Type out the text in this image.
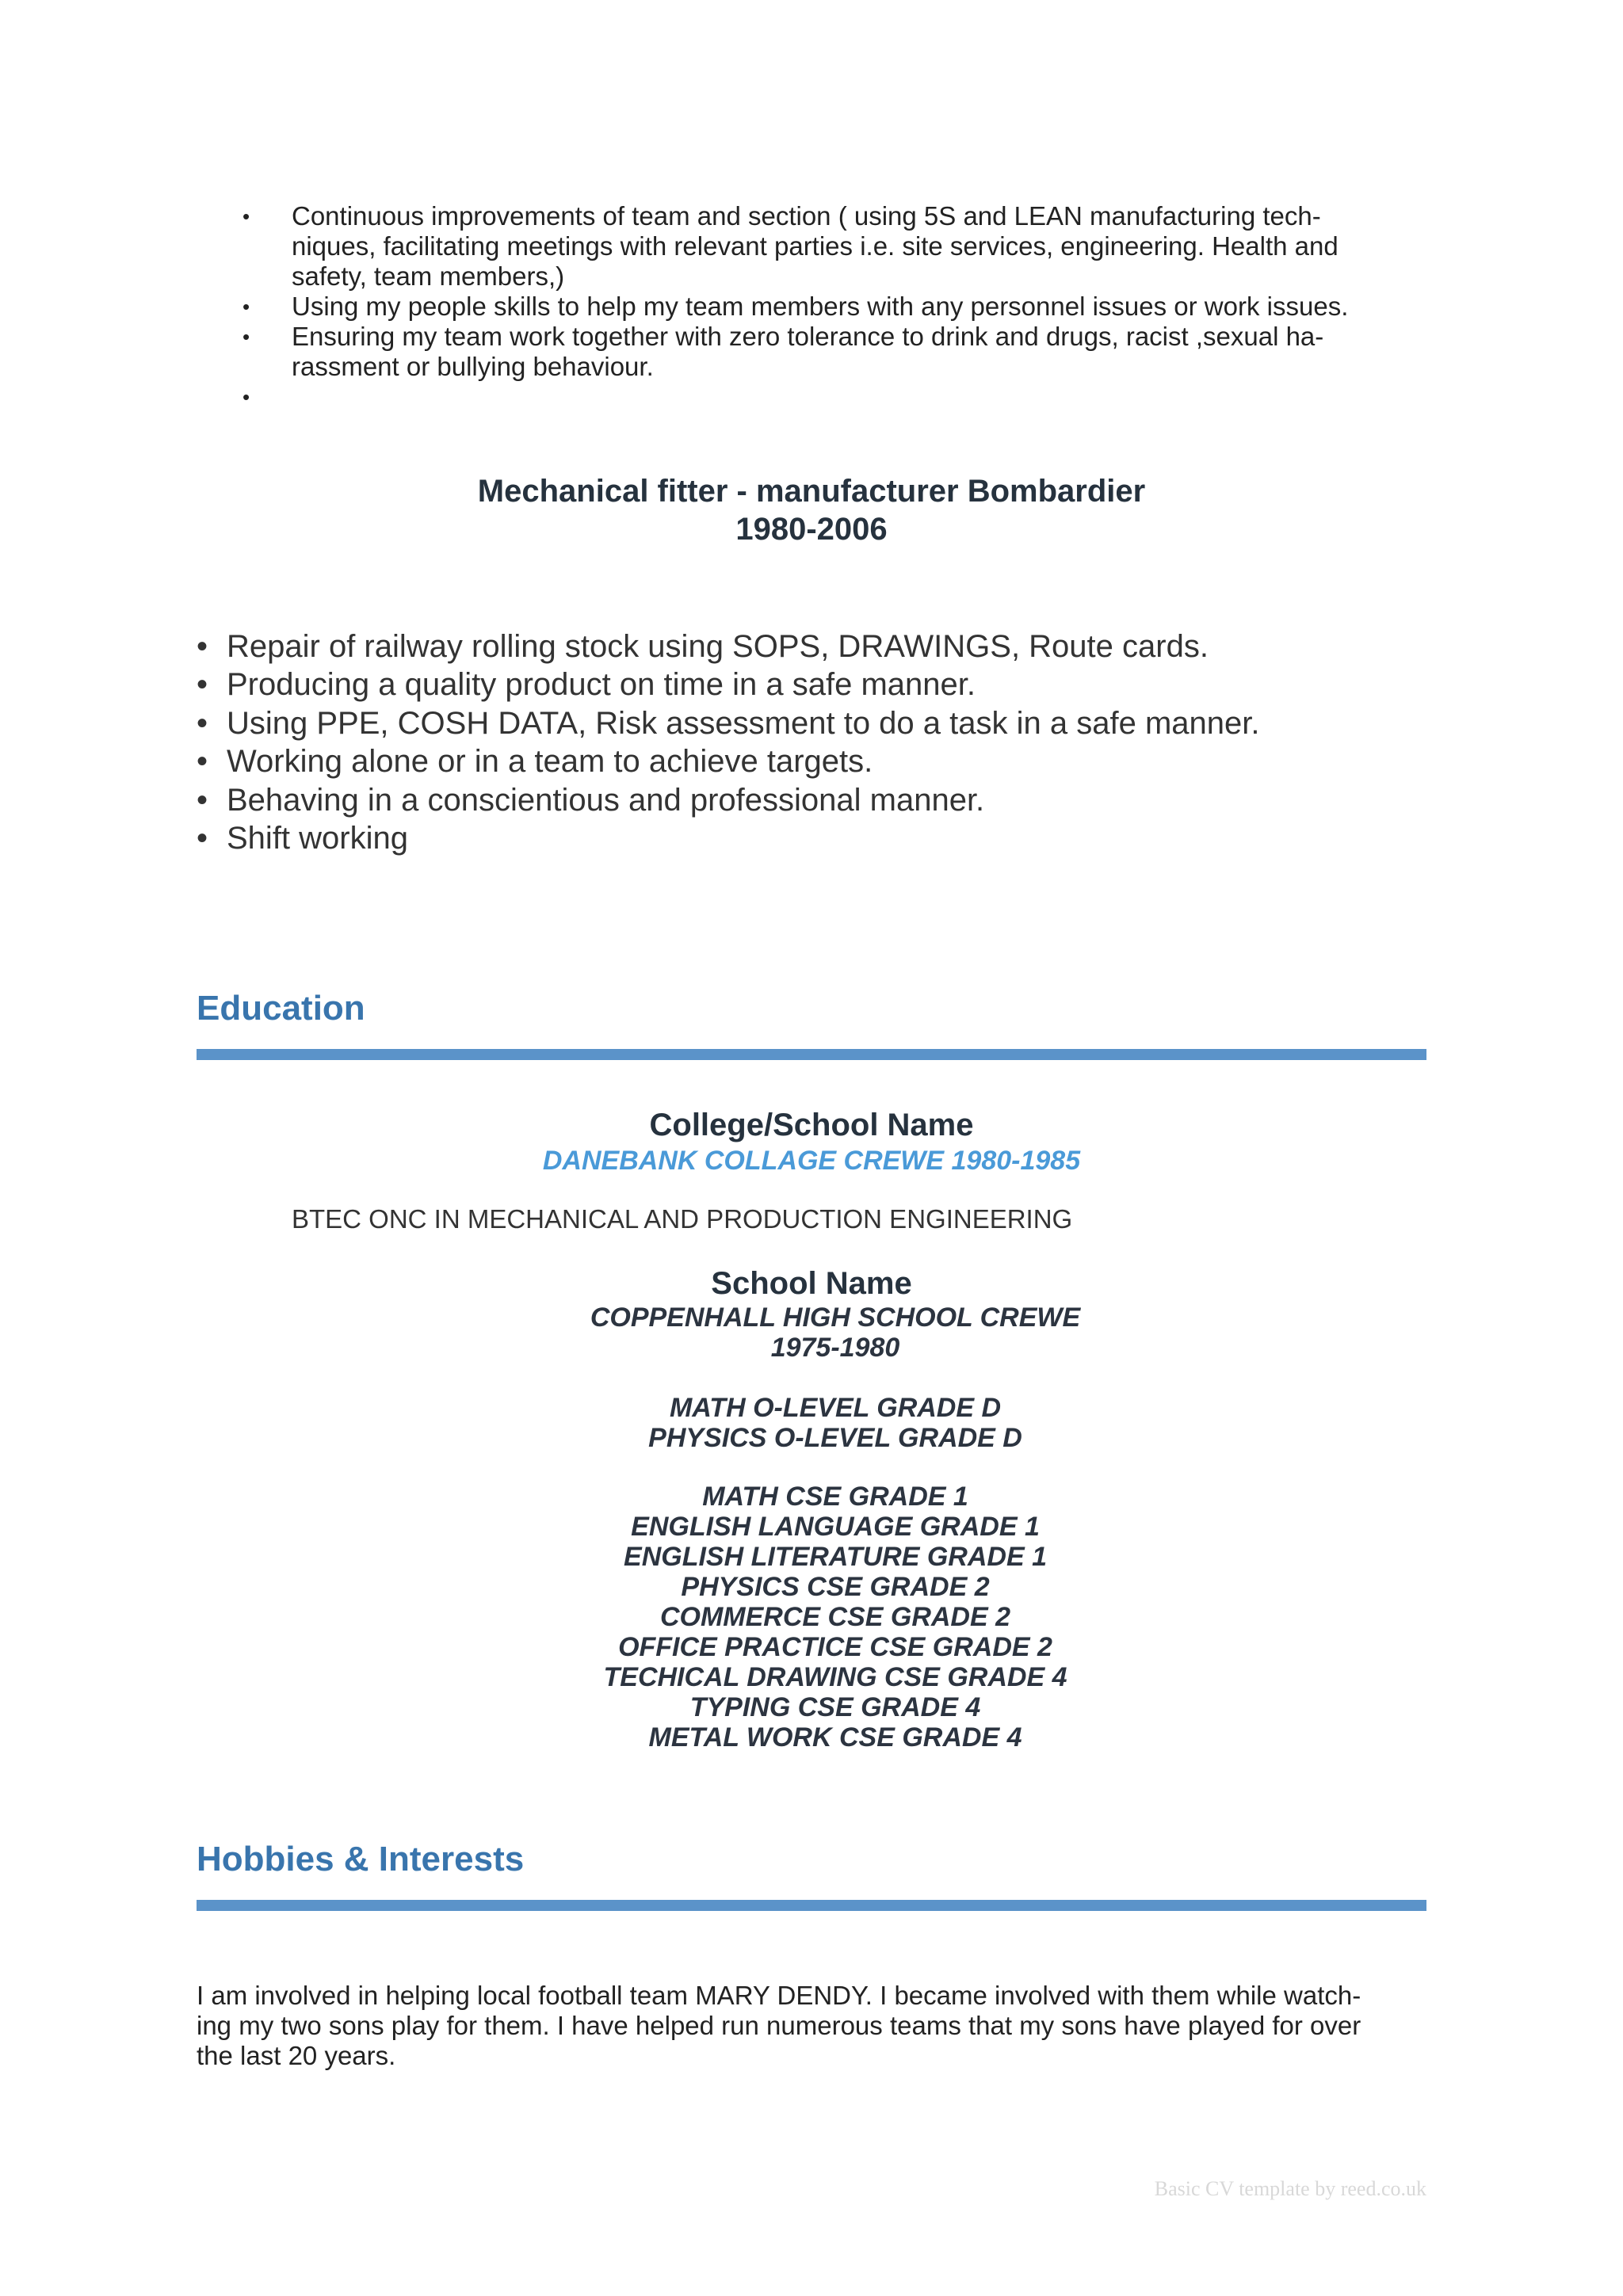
• Continuous improvements of team and section ( using 5S and LEAN manufacturing tech-
niques, facilitating meetings with relevant parties i.e. site services, engineering. Health and
safety, team members,)
• Using my people skills to help my team members with any personnel issues or work issues.
• Ensuring my team work together with zero tolerance to drink and drugs, racist ,sexual ha-
rassment or bullying behaviour.
•

Mechanical fitter - manufacturer Bombardier
1980-2006
• Repair of railway rolling stock using SOPS, DRAWINGS, Route cards.
• Producing a quality product on time in a safe manner.
• Using PPE, COSH DATA, Risk assessment to do a task in a safe manner.
• Working alone or in a team to achieve targets.
• Behaving in a conscientious and professional manner.
• Shift working
Education
College/School Name
DANEBANK COLLAGE CREWE 1980-1985
BTEC ONC IN MECHANICAL AND PRODUCTION ENGINEERING
School Name
COPPENHALL HIGH SCHOOL CREWE
1975-1980
MATH O-LEVEL GRADE D
PHYSICS O-LEVEL GRADE D
MATH CSE GRADE 1
ENGLISH LANGUAGE GRADE 1
ENGLISH LITERATURE GRADE 1
PHYSICS CSE GRADE 2
COMMERCE CSE GRADE 2
OFFICE PRACTICE CSE GRADE 2
TECHICAL DRAWING CSE GRADE 4
TYPING CSE GRADE 4
METAL WORK CSE GRADE 4
Hobbies & Interests
I am involved in helping local football team MARY DENDY. I became involved with them while watch-
ing my two sons play for them. I have helped run numerous teams that my sons have played for over
the last 20 years.
Basic CV template by reed.co.uk
